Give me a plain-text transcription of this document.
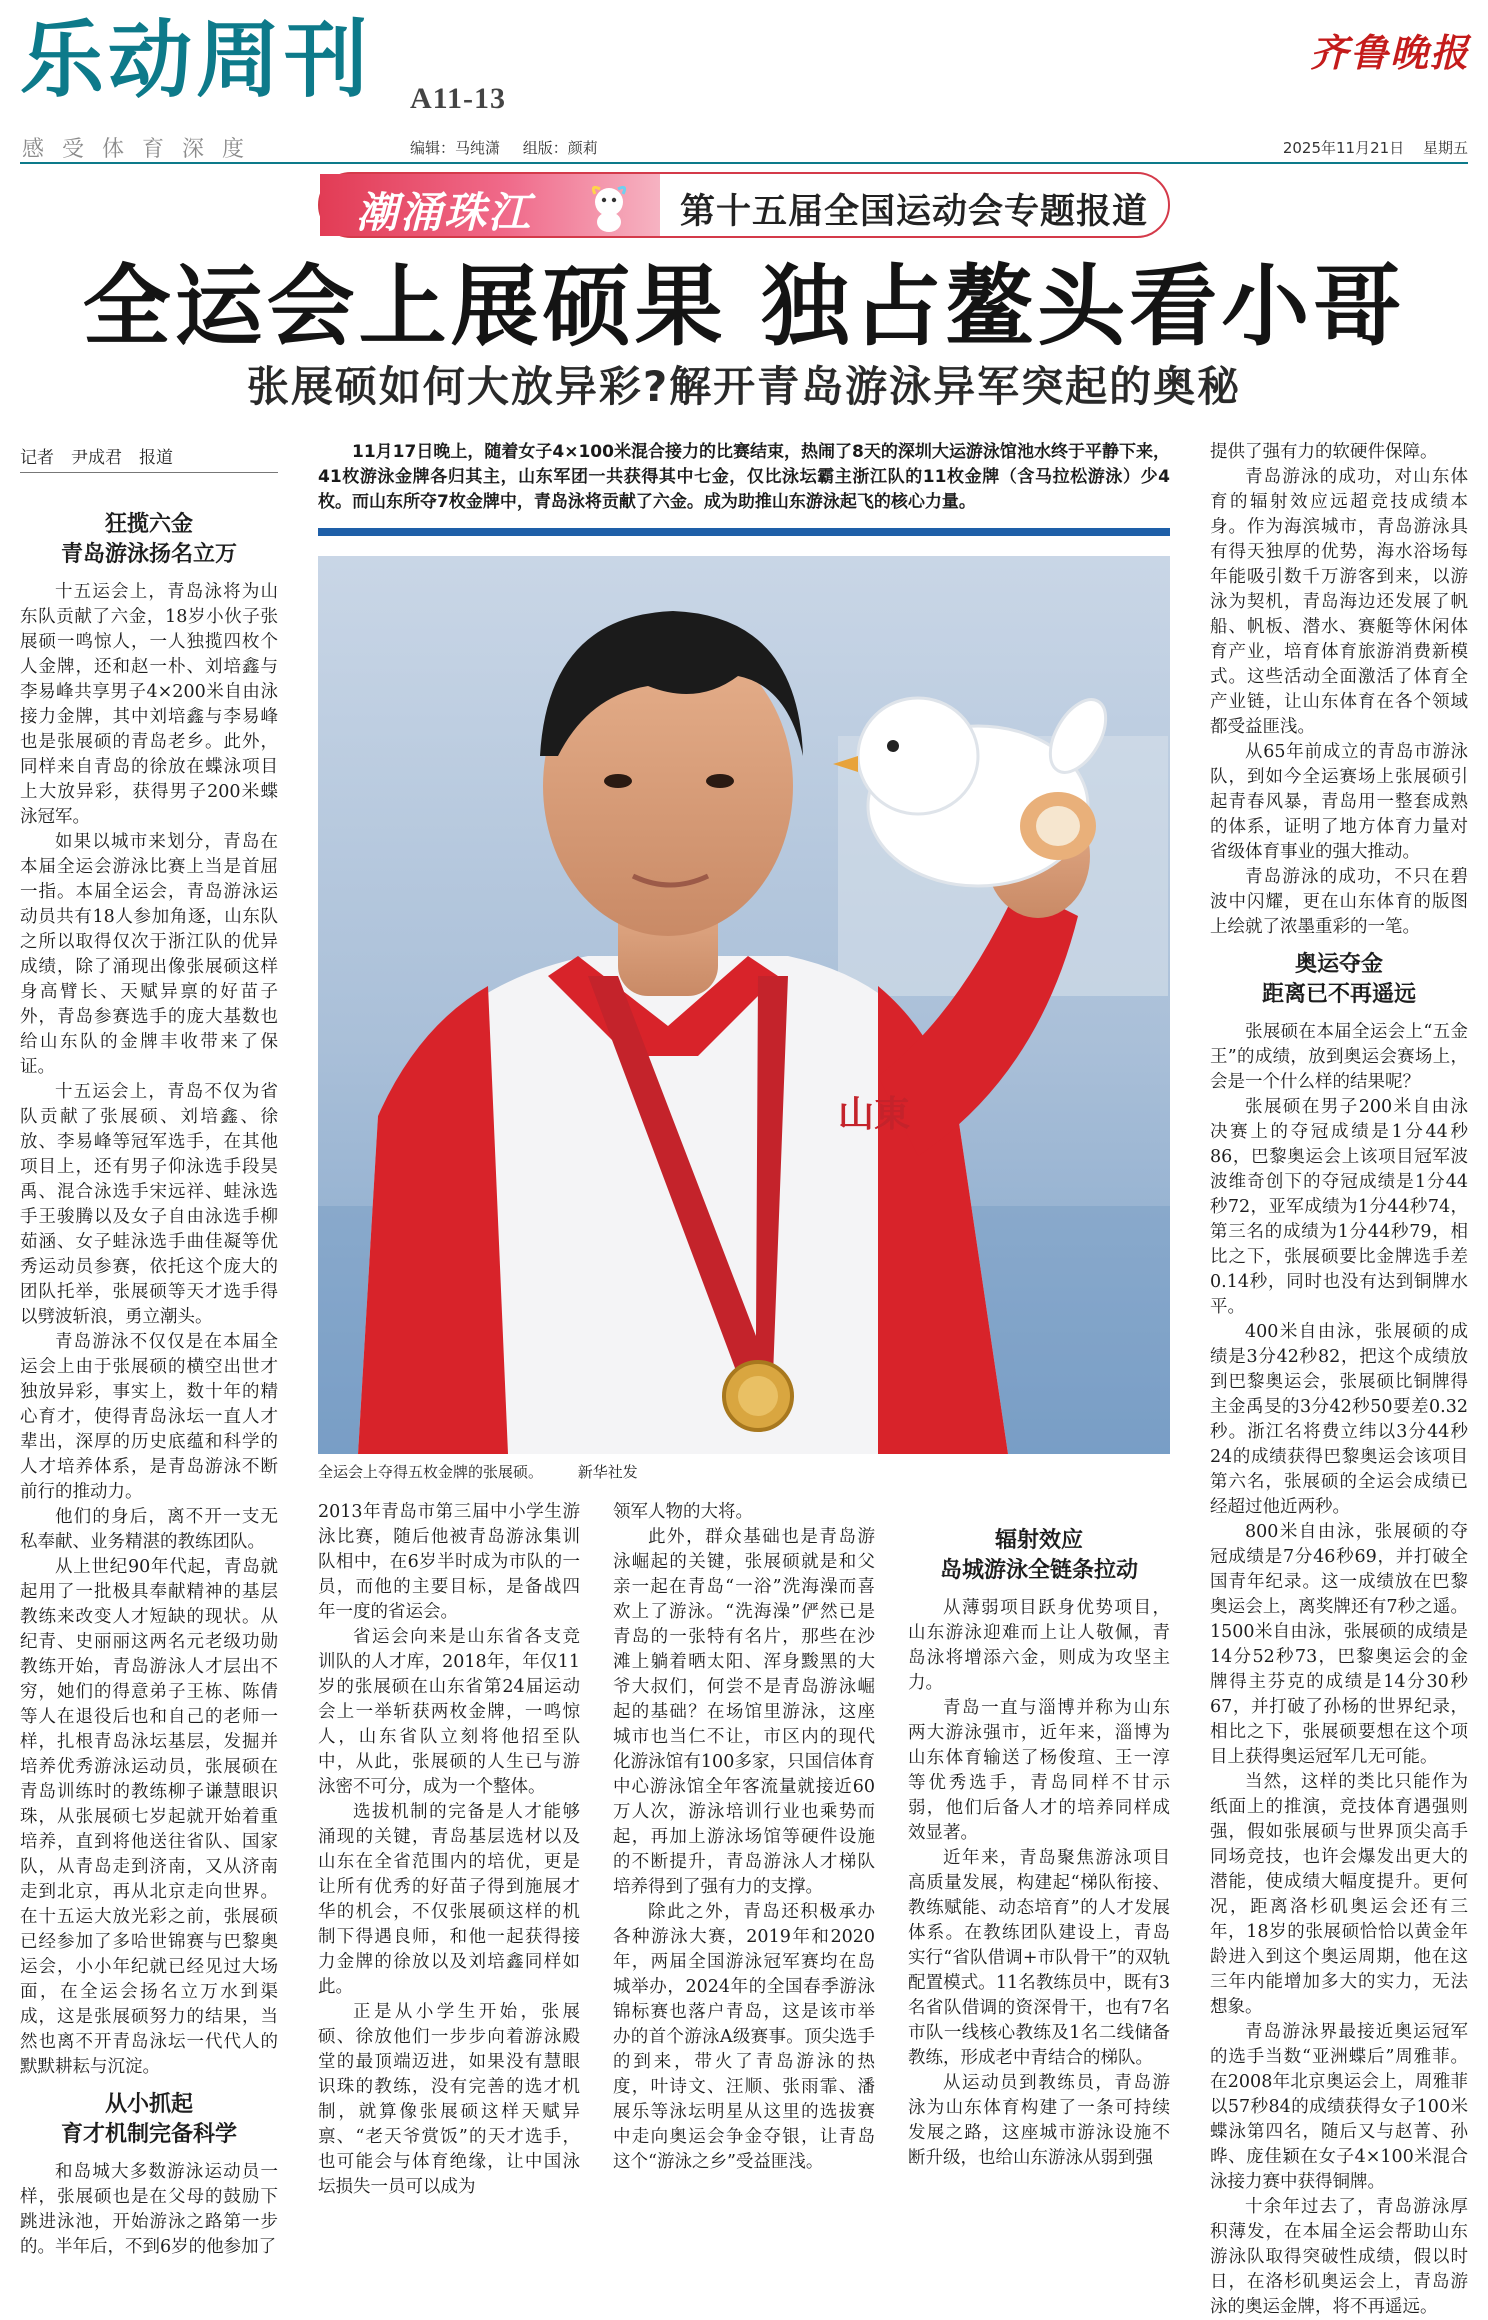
乐动周刊 A11-13
感受体育深度	编辑：马纯潇 组版：颜莉
齐鲁晚报
2025年11月21日 星期五
潮涌珠江	第十五届全国运动会专题报道
全运会上展硕果 独占鳌头看小哥
张展硕如何大放异彩?解开青岛游泳异军突起的奥秘
记者　尹成君　报道	11月17日晚上，随着女子4×100米混合接力的比赛结束，热闹了8天的深圳大运游泳馆池水终于平静下来，41枚游泳金牌各归其主，山东军团一共获得其中七金，仅比泳坛霸主浙江队的11枚金牌（含马拉松游泳）少4枚。而山东所夺7枚金牌中，青岛泳将贡献了六金。成为助推山东游泳起飞的核心力量。

山東
全运会上夺得五枚金牌的张展硕。 新华社发
狂揽六金
青岛游泳扬名立万

十五运会上，青岛泳将为山东队贡献了六金，18岁小伙子张展硕一鸣惊人，一人独揽四枚个人金牌，还和赵一朴、刘培鑫与李易峰共享男子4×200米自由泳接力金牌，其中刘培鑫与李易峰也是张展硕的青岛老乡。此外，同样来自青岛的徐放在蝶泳项目上大放异彩，获得男子200米蝶泳冠军。

如果以城市来划分，青岛在本届全运会游泳比赛上当是首屈一指。本届全运会，青岛游泳运动员共有18人参加角逐，山东队之所以取得仅次于浙江队的优异成绩，除了涌现出像张展硕这样身高臂长、天赋异禀的好苗子外，青岛参赛选手的庞大基数也给山东队的金牌丰收带来了保证。

十五运会上，青岛不仅为省队贡献了张展硕、刘培鑫、徐放、李易峰等冠军选手，在其他项目上，还有男子仰泳选手段昊禹、混合泳选手宋远祥、蛙泳选手王骏腾以及女子自由泳选手柳茹涵、女子蛙泳选手曲佳凝等优秀运动员参赛，依托这个庞大的团队托举，张展硕等天才选手得以劈波斩浪，勇立潮头。

青岛游泳不仅仅是在本届全运会上由于张展硕的横空出世才独放异彩，事实上，数十年的精心育才，使得青岛泳坛一直人才辈出，深厚的历史底蕴和科学的人才培养体系，是青岛游泳不断前行的推动力。

他们的身后，离不开一支无私奉献、业务精湛的教练团队。

从上世纪90年代起，青岛就起用了一批极具奉献精神的基层教练来改变人才短缺的现状。从纪青、史丽丽这两名元老级功勋教练开始，青岛游泳人才层出不穷，她们的得意弟子王栋、陈倩等人在退役后也和自己的老师一样，扎根青岛泳坛基层，发掘并培养优秀游泳运动员，张展硕在青岛训练时的教练柳子谦慧眼识珠，从张展硕七岁起就开始着重培养，直到将他送往省队、国家队，从青岛走到济南，又从济南走到北京，再从北京走向世界。在十五运大放光彩之前，张展硕已经参加了多哈世锦赛与巴黎奥运会，小小年纪就已经见过大场面，在全运会扬名立万水到渠成，这是张展硕努力的结果，当然也离不开青岛泳坛一代代人的默默耕耘与沉淀。

从小抓起
育才机制完备科学

和岛城大多数游泳运动员一样，张展硕也是在父母的鼓励下跳进泳池，开始游泳之路第一步的。半年后，不到6岁的他参加了

2013年青岛市第三届中小学生游泳比赛，随后他被青岛游泳集训队相中，在6岁半时成为市队的一员，而他的主要目标，是备战四年一度的省运会。

省运会向来是山东省各支竞训队的人才库，2018年，年仅11岁的张展硕在山东省第24届运动会上一举斩获两枚金牌，一鸣惊人，山东省队立刻将他招至队中，从此，张展硕的人生已与游泳密不可分，成为一个整体。

选拔机制的完备是人才能够涌现的关键，青岛基层选材以及山东在全省范围内的培优，更是让所有优秀的好苗子得到施展才华的机会，不仅张展硕这样的机制下得遇良师，和他一起获得接力金牌的徐放以及刘培鑫同样如此。

正是从小学生开始，张展硕、徐放他们一步步向着游泳殿堂的最顶端迈进，如果没有慧眼识珠的教练，没有完善的选才机制，就算像张展硕这样天赋异禀、“老天爷赏饭”的天才选手，也可能会与体育绝缘，让中国泳坛损失一员可以成为

领军人物的大将。

此外，群众基础也是青岛游泳崛起的关键，张展硕就是和父亲一起在青岛“一浴”洗海澡而喜欢上了游泳。“洗海澡”俨然已是青岛的一张特有名片，那些在沙滩上躺着晒太阳、浑身黢黑的大爷大叔们，何尝不是青岛游泳崛起的基础？在场馆里游泳，这座城市也当仁不让，市区内的现代化游泳馆有100多家，只国信体育中心游泳馆全年客流量就接近60万人次，游泳培训行业也乘势而起，再加上游泳场馆等硬件设施的不断提升，青岛游泳人才梯队培养得到了强有力的支撑。

除此之外，青岛还积极承办各种游泳大赛，2019年和2020年，两届全国游泳冠军赛均在岛城举办，2024年的全国春季游泳锦标赛也落户青岛，这是该市举办的首个游泳A级赛事。顶尖选手的到来，带火了青岛游泳的热度，叶诗文、汪顺、张雨霏、潘展乐等泳坛明星从这里的选拔赛中走向奥运会争金夺银，让青岛这个“游泳之乡”受益匪浅。

辐射效应
岛城游泳全链条拉动

从薄弱项目跃身优势项目，山东游泳迎难而上让人敬佩，青岛泳将增添六金，则成为攻坚主力。

青岛一直与淄博并称为山东两大游泳强市，近年来，淄博为山东体育输送了杨俊瑄、王一淳等优秀选手，青岛同样不甘示弱，他们后备人才的培养同样成效显著。

近年来，青岛聚焦游泳项目高质量发展，构建起“梯队衔接、教练赋能、动态培育”的人才发展体系。在教练团队建设上，青岛实行“省队借调+市队骨干”的双轨配置模式。11名教练员中，既有3名省队借调的资深骨干，也有7名市队一线核心教练及1名二线储备教练，形成老中青结合的梯队。

从运动员到教练员，青岛游泳为山东体育构建了一条可持续发展之路，这座城市游泳设施不断升级，也给山东游泳从弱到强

提供了强有力的软硬件保障。

青岛游泳的成功，对山东体育的辐射效应远超竞技成绩本身。作为海滨城市，青岛游泳具有得天独厚的优势，海水浴场每年能吸引数千万游客到来，以游泳为契机，青岛海边还发展了帆船、帆板、潜水、赛艇等休闲体育产业，培育体育旅游消费新模式。这些活动全面激活了体育全产业链，让山东体育在各个领域都受益匪浅。

从65年前成立的青岛市游泳队，到如今全运赛场上张展硕引起青春风暴，青岛用一整套成熟的体系，证明了地方体育力量对省级体育事业的强大推动。

青岛游泳的成功，不只在碧波中闪耀，更在山东体育的版图上绘就了浓墨重彩的一笔。

奥运夺金
距离已不再遥远

张展硕在本届全运会上“五金王”的成绩，放到奥运会赛场上，会是一个什么样的结果呢？

张展硕在男子200米自由泳决赛上的夺冠成绩是1分44秒86，巴黎奥运会上该项目冠军波波维奇创下的夺冠成绩是1分44秒72，亚军成绩为1分44秒74，第三名的成绩为1分44秒79，相比之下，张展硕要比金牌选手差0.14秒，同时也没有达到铜牌水平。

400米自由泳，张展硕的成绩是3分42秒82，把这个成绩放到巴黎奥运会，张展硕比铜牌得主金禹旻的3分42秒50要差0.32秒。浙江名将费立纬以3分44秒24的成绩获得巴黎奥运会该项目第六名，张展硕的全运会成绩已经超过他近两秒。

800米自由泳，张展硕的夺冠成绩是7分46秒69，并打破全国青年纪录。这一成绩放在巴黎奥运会上，离奖牌还有7秒之遥。1500米自由泳，张展硕的成绩是14分52秒73，巴黎奥运会的金牌得主芬克的成绩是14分30秒67，并打破了孙杨的世界纪录，相比之下，张展硕要想在这个项目上获得奥运冠军几无可能。

当然，这样的类比只能作为纸面上的推演，竞技体育遇强则强，假如张展硕与世界顶尖高手同场竞技，也许会爆发出更大的潜能，使成绩大幅度提升。更何况，距离洛杉矶奥运会还有三年，18岁的张展硕恰恰以黄金年龄进入到这个奥运周期，他在这三年内能增加多大的实力，无法想象。

青岛游泳界最接近奥运冠军的选手当数“亚洲蝶后”周雅菲。在2008年北京奥运会上，周雅菲以57秒84的成绩获得女子100米蝶泳第四名，随后又与赵菁、孙晔、庞佳颖在女子4×100米混合泳接力赛中获得铜牌。

十余年过去了，青岛游泳厚积薄发，在本届全运会帮助山东游泳队取得突破性成绩，假以时日，在洛杉矶奥运会上，青岛游泳的奥运金牌，将不再遥远。
